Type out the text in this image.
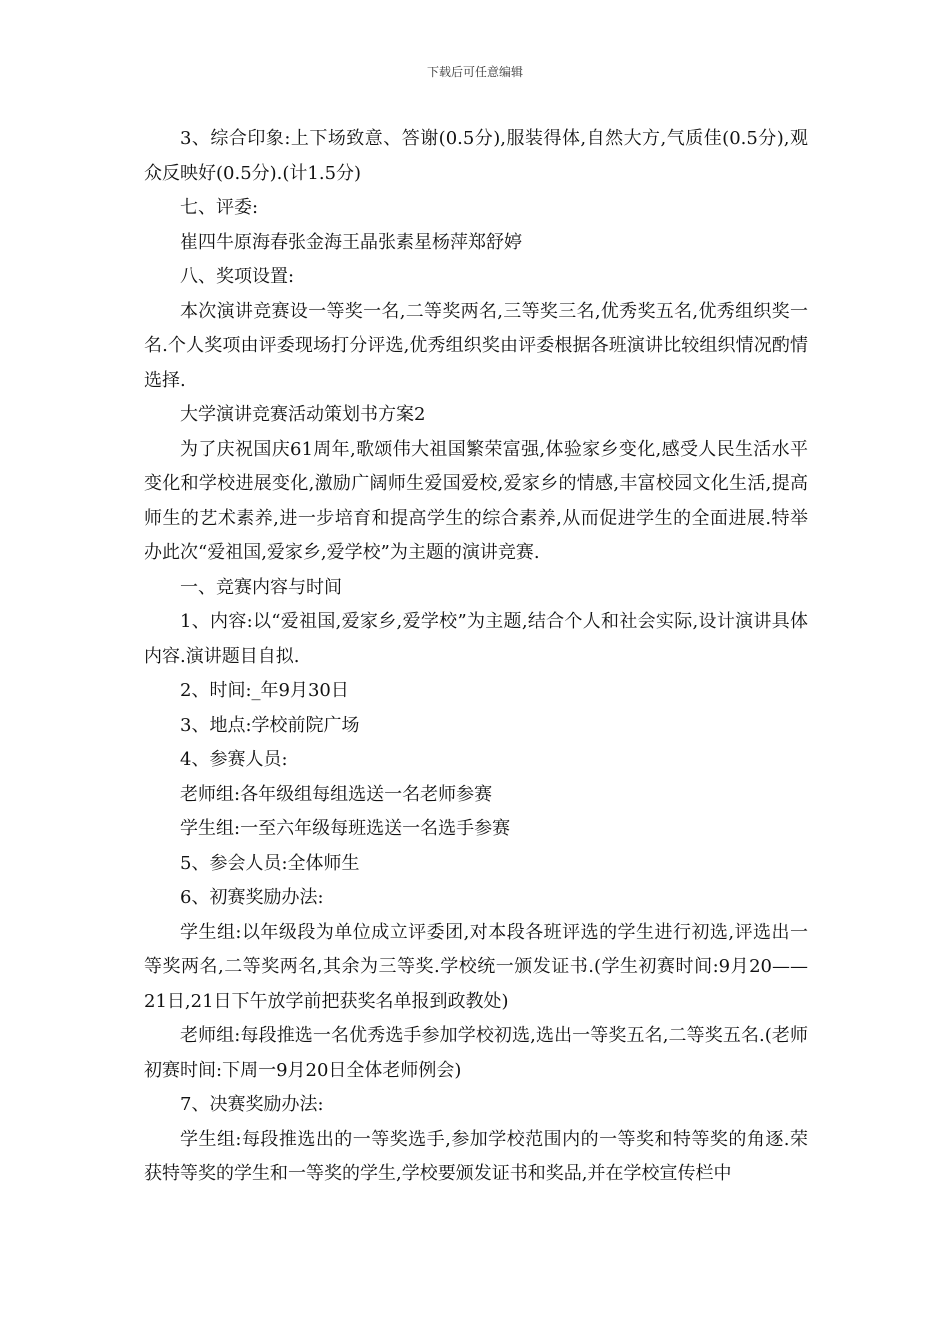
下载后可任意编辑

3、综合印象:上下场致意、答谢(0.5分),服装得体,自然大方,气质佳(0.5分),观众反映好(0.5分).(计1.5分)

七、评委:

崔四牛原海春张金海王晶张素星杨萍郑舒婷

八、奖项设置:

本次演讲竞赛设一等奖一名,二等奖两名,三等奖三名,优秀奖五名,优秀组织奖一名.个人奖项由评委现场打分评选,优秀组织奖由评委根据各班演讲比较组织情况酌情选择.

大学演讲竞赛活动策划书方案2

为了庆祝国庆61周年,歌颂伟大祖国繁荣富强,体验家乡变化,感受人民生活水平变化和学校进展变化,激励广阔师生爱国爱校,爱家乡的情感,丰富校园文化生活,提高师生的艺术素养,进一步培育和提高学生的综合素养,从而促进学生的全面进展.特举办此次“爱祖国,爱家乡,爱学校”为主题的演讲竞赛.

一、竞赛内容与时间

1、内容:以“爱祖国,爱家乡,爱学校”为主题,结合个人和社会实际,设计演讲具体内容.演讲题目自拟.

2、时间:_年9月30日

3、地点:学校前院广场

4、参赛人员:

老师组:各年级组每组选送一名老师参赛

学生组:一至六年级每班选送一名选手参赛

5、参会人员:全体师生

6、初赛奖励办法:

学生组:以年级段为单位成立评委团,对本段各班评选的学生进行初选,评选出一等奖两名,二等奖两名,其余为三等奖.学校统一颁发证书.(学生初赛时间:9月20——21日,21日下午放学前把获奖名单报到政教处)

老师组:每段推选一名优秀选手参加学校初选,选出一等奖五名,二等奖五名.(老师初赛时间:下周一9月20日全体老师例会)

7、决赛奖励办法:

学生组:每段推选出的一等奖选手,参加学校范围内的一等奖和特等奖的角逐.荣获特等奖的学生和一等奖的学生,学校要颁发证书和奖品,并在学校宣传栏中
